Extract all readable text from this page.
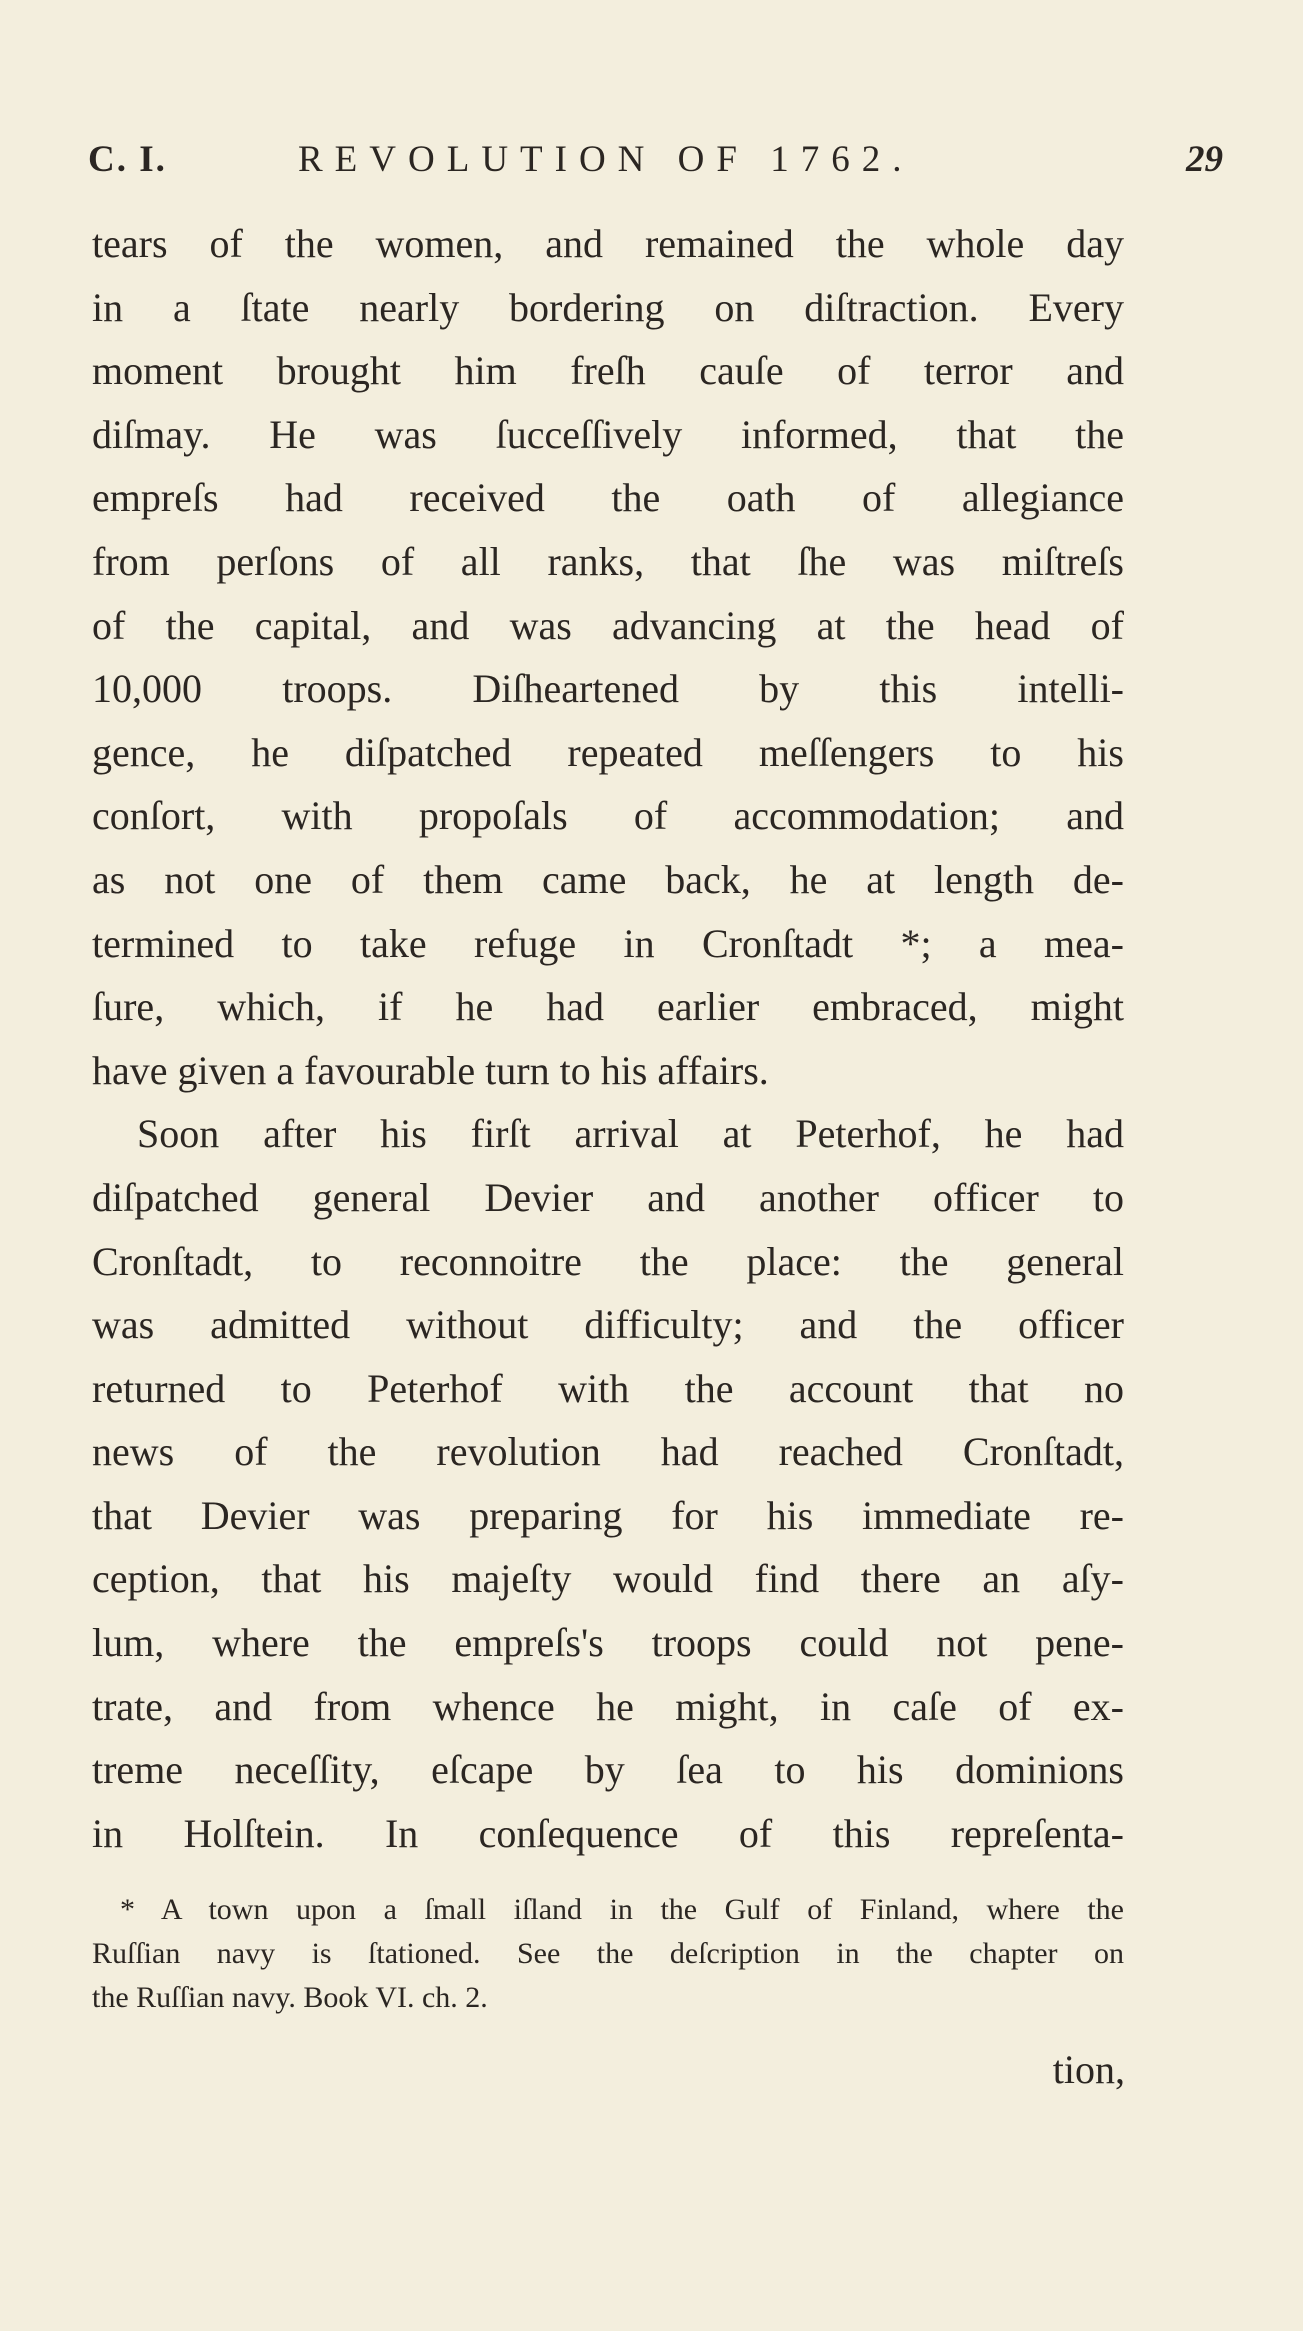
C. I.	REVOLUTION OF 1762.	29
tears of the women, and remained the whole day
in a ſtate nearly bordering on diſtraction. Every
moment brought him freſh cauſe of terror and
diſmay. He was ſucceſſively informed, that the
empreſs had received the oath of allegiance
from perſons of all ranks, that ſhe was miſtreſs
of the capital, and was advancing at the head of
10,000 troops. Diſheartened by this intelli-
gence, he diſpatched repeated meſſengers to his
conſort, with propoſals of accommodation; and
as not one of them came back, he at length de-
termined to take refuge in Cronſtadt *; a mea-
ſure, which, if he had earlier embraced, might
have given a favourable turn to his affairs.
Soon after his firſt arrival at Peterhof, he had
diſpatched general Devier and another officer to
Cronſtadt, to reconnoitre the place: the general
was admitted without difficulty; and the officer
returned to Peterhof with the account that no
news of the revolution had reached Cronſtadt,
that Devier was preparing for his immediate re-
ception, that his majeſty would find there an aſy-
lum, where the empreſs's troops could not pene-
trate, and from whence he might, in caſe of ex-
treme neceſſity, eſcape by ſea to his dominions
in Holſtein. In conſequence of this repreſenta-
* A town upon a ſmall iſland in the Gulf of Finland, where the
Ruſſian navy is ſtationed. See the deſcription in the chapter on
the Ruſſian navy. Book VI. ch. 2.
tion,
